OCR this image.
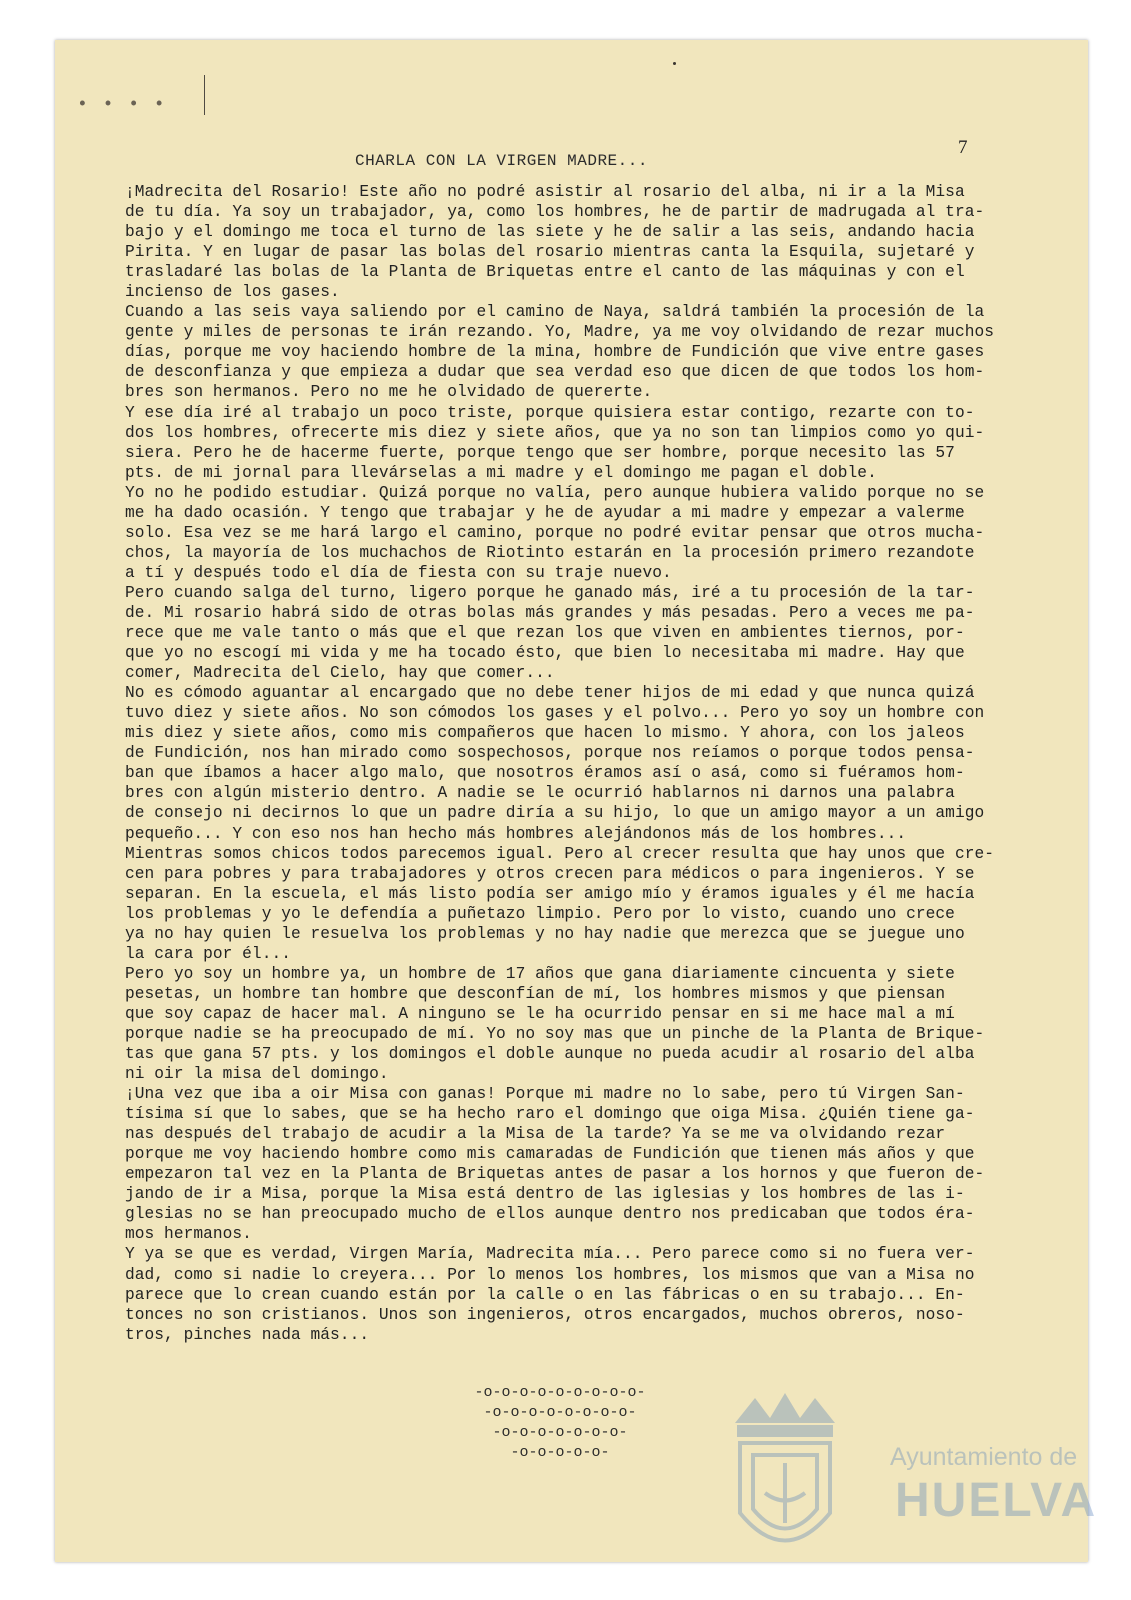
• • • •
7
CHARLA CON LA VIRGEN MADRE...
¡Madrecita del Rosario! Este año no podré asistir al rosario del alba, ni ir a la Misa
de tu día. Ya soy un trabajador, ya, como los hombres, he de partir de madrugada al tra-
bajo y el domingo me toca el turno de las siete y he de salir a las seis, andando hacia
Pirita. Y en lugar de pasar las bolas del rosario mientras canta la Esquila, sujetaré y
trasladaré las bolas de la Planta de Briquetas entre el canto de las máquinas y con el
incienso de los gases.
Cuando a las seis vaya saliendo por el camino de Naya, saldrá también la procesión de la
gente y miles de personas te irán rezando. Yo, Madre, ya me voy olvidando de rezar muchos
días, porque me voy haciendo hombre de la mina, hombre de Fundición que vive entre gases
de desconfianza y que empieza a dudar que sea verdad eso que dicen de que todos los hom-
bres son hermanos. Pero no me he olvidado de quererte.
Y ese día iré al trabajo un poco triste, porque quisiera estar contigo, rezarte con to-
dos los hombres, ofrecerte mis diez y siete años, que ya no son tan limpios como yo qui-
siera. Pero he de hacerme fuerte, porque tengo que ser hombre, porque necesito las 57
pts. de mi jornal para llevárselas a mi madre y el domingo me pagan el doble.
Yo no he podido estudiar. Quizá porque no valía, pero aunque hubiera valido porque no se
me ha dado ocasión. Y tengo que trabajar y he de ayudar a mi madre y empezar a valerme
solo. Esa vez se me hará largo el camino, porque no podré evitar pensar que otros mucha-
chos, la mayoría de los muchachos de Riotinto estarán en la procesión primero rezandote
a tí y después todo el día de fiesta con su traje nuevo.
Pero cuando salga del turno, ligero porque he ganado más, iré a tu procesión de la tar-
de. Mi rosario habrá sido de otras bolas más grandes y más pesadas. Pero a veces me pa-
rece que me vale tanto o más que el que rezan los que viven en ambientes tiernos, por-
que yo no escogí mi vida y me ha tocado ésto, que bien lo necesitaba mi madre. Hay que
comer, Madrecita del Cielo, hay que comer...
No es cómodo aguantar al encargado que no debe tener hijos de mi edad y que nunca quizá
tuvo diez y siete años. No son cómodos los gases y el polvo... Pero yo soy un hombre con
mis diez y siete años, como mis compañeros que hacen lo mismo. Y ahora, con los jaleos
de Fundición, nos han mirado como sospechosos, porque nos reíamos o porque todos pensa-
ban que íbamos a hacer algo malo, que nosotros éramos así o asá, como si fuéramos hom-
bres con algún misterio dentro. A nadie se le ocurrió hablarnos ni darnos una palabra
de consejo ni decirnos lo que un padre diría a su hijo, lo que un amigo mayor a un amigo
pequeño... Y con eso nos han hecho más hombres alejándonos más de los hombres...
Mientras somos chicos todos parecemos igual. Pero al crecer resulta que hay unos que cre-
cen para pobres y para trabajadores y otros crecen para médicos o para ingenieros. Y se
separan. En la escuela, el más listo podía ser amigo mío y éramos iguales y él me hacía
los problemas y yo le defendía a puñetazo limpio. Pero por lo visto, cuando uno crece
ya no hay quien le resuelva los problemas y no hay nadie que merezca que se juegue uno
la cara por él...
Pero yo soy un hombre ya, un hombre de 17 años que gana diariamente cincuenta y siete
pesetas, un hombre tan hombre que desconfían de mí, los hombres mismos y que piensan
que soy capaz de hacer mal. A ninguno se le ha ocurrido pensar en si me hace mal a mí
porque nadie se ha preocupado de mí. Yo no soy mas que un pinche de la Planta de Brique-
tas que gana 57 pts. y los domingos el doble aunque no pueda acudir al rosario del alba
ni oir la misa del domingo.
¡Una vez que iba a oir Misa con ganas! Porque mi madre no lo sabe, pero tú Virgen San-
tísima sí que lo sabes, que se ha hecho raro el domingo que oiga Misa. ¿Quién tiene ga-
nas después del trabajo de acudir a la Misa de la tarde? Ya se me va olvidando rezar
porque me voy haciendo hombre como mis camaradas de Fundición que tienen más años y que
empezaron tal vez en la Planta de Briquetas antes de pasar a los hornos y que fueron de-
jando de ir a Misa, porque la Misa está dentro de las iglesias y los hombres de las i-
glesias no se han preocupado mucho de ellos aunque dentro nos predicaban que todos éra-
mos hermanos.
Y ya se que es verdad, Virgen María, Madrecita mía... Pero parece como si no fuera ver-
dad, como si nadie lo creyera... Por lo menos los hombres, los mismos que van a Misa no
parece que lo crean cuando están por la calle o en las fábricas o en su trabajo... En-
tonces no son cristianos. Unos son ingenieros, otros encargados, muchos obreros, noso-
tros, pinches nada más...
-o-o-o-o-o-o-o-o-o-
-o-o-o-o-o-o-o-o-
-o-o-o-o-o-o-o-
-o-o-o-o-o-	Ayuntamiento de
HUELVA
